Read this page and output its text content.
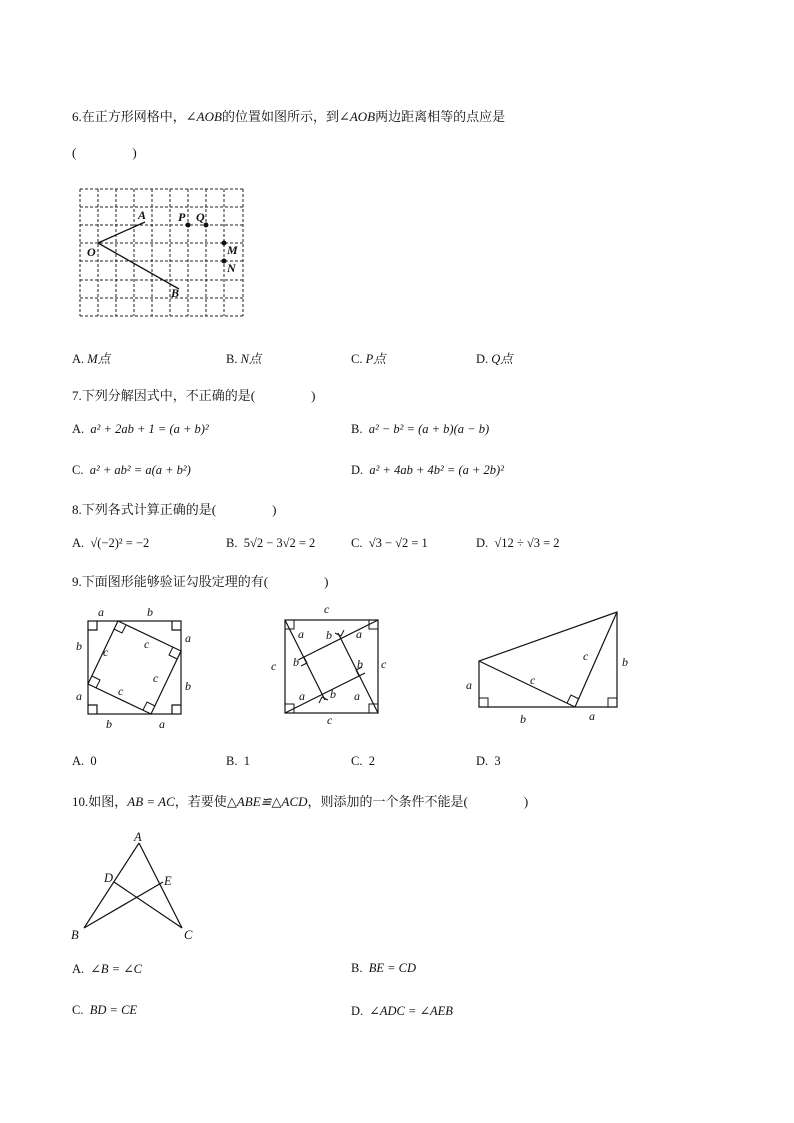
6.在正方形网格中，∠AOB的位置如图所示，到∠AOB两边距离相等的点应是
(	)
O
A
B
P Q
M
N
A. M点	B. N点	C. P点	D. Q点
7.下列分解因式中，不正确的是(	)
A. a² + 2ab + 1 = (a + b)²	B. a² − b² = (a + b)(a − b)
C. a² + ab² = a(a + b²)	D. a² + 4ab + 4b² = (a + 2b)²
8.下列各式计算正确的是(	)
A. √(−2)² = −2	B. 5√2 − 3√2 = 2	C. √3 − √2 = 1	D. √12 ÷ √3 = 2
9.下面图形能够验证勾股定理的有(	)
a	b
b
a
a
b
b	a
c
c
c
c
c
c	c
c
a b a
b	b
a b a
a	c
c	b
b	a
A. 0	B. 1	C. 2	D. 3
10.如图，AB = AC，若要使△ABE≌△ACD，则添加的一个条件不能是(	)
A
B	C
D	E
A. ∠B = ∠C	B. BE = CD
C. BD = CE	D. ∠ADC = ∠AEB
